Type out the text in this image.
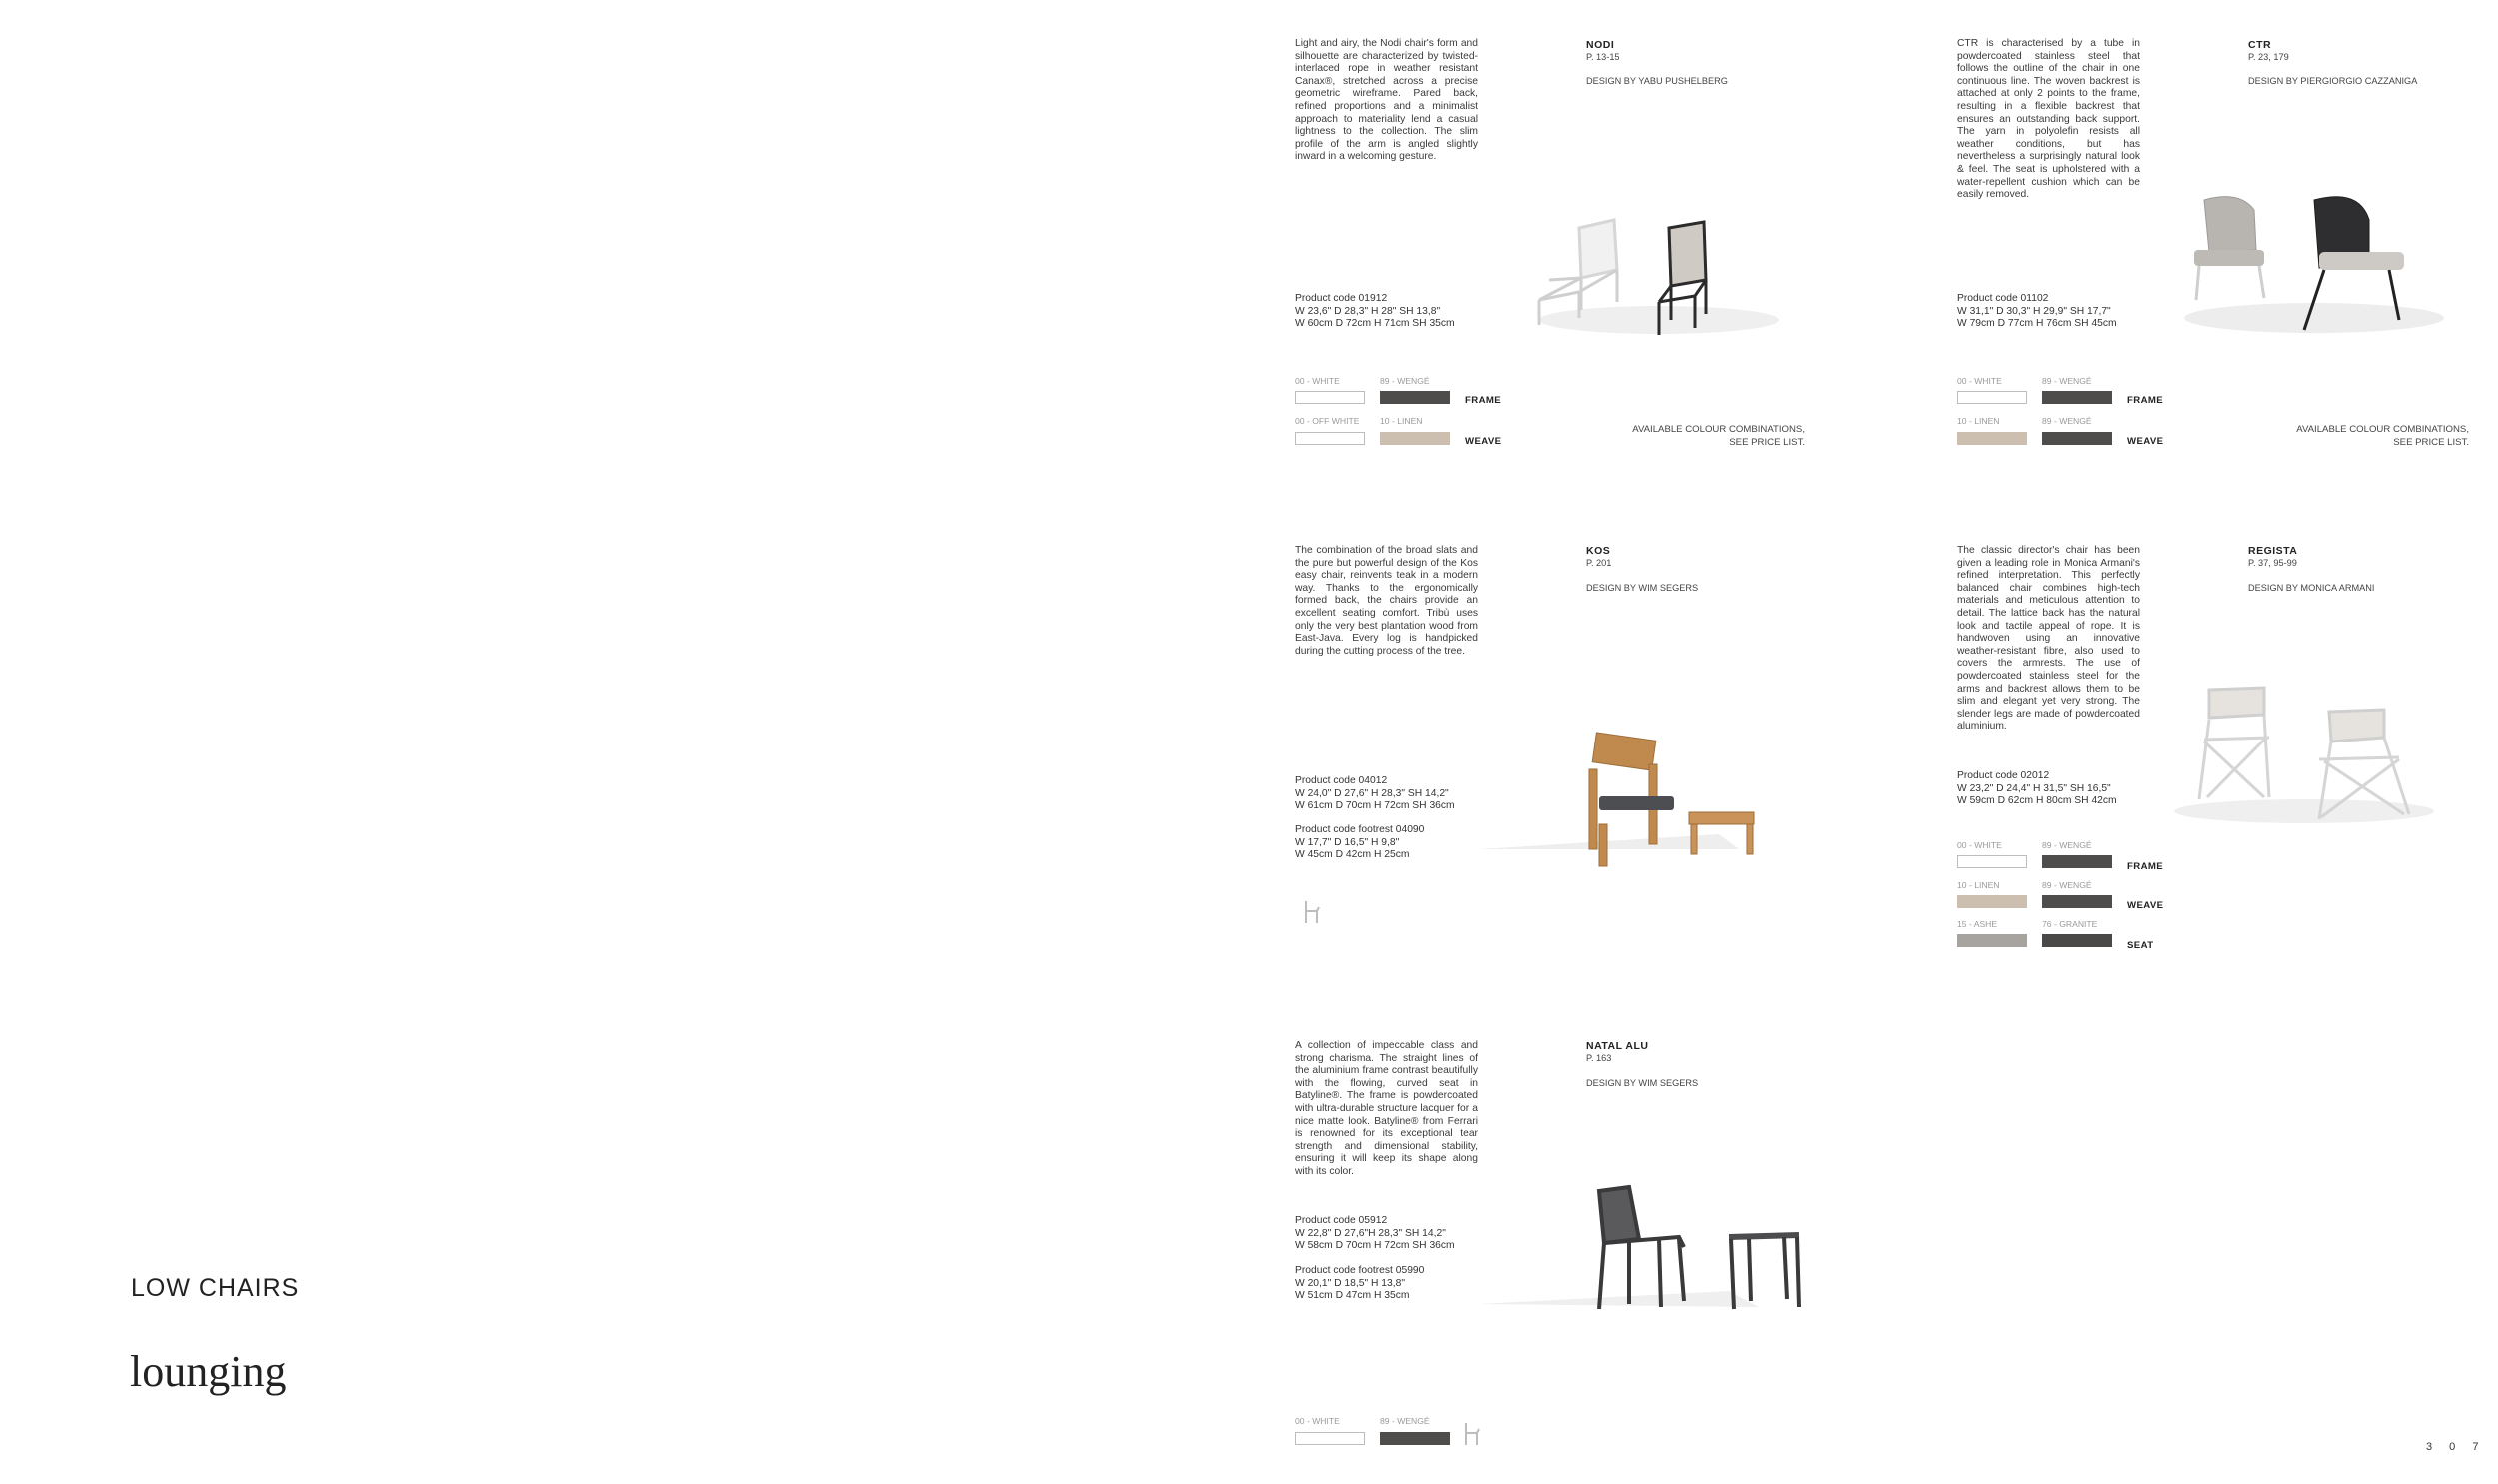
LOW CHAIRS
lounging
Light and airy, the Nodi chair's form and silhouette are characterized by twisted-interlaced rope in weather resistant Canax®, stretched across a precise geometric wireframe. Pared back, refined proportions and a minimalist approach to materiality lend a casual lightness to the collection. The slim profile of the arm is angled slightly inward in a welcoming gesture.
NODI
P. 13-15
DESIGN BY YABU PUSHELBERG
Product code 01912
W 23,6" D 28,3" H 28" SH 13,8"
W 60cm D 72cm H 71cm SH 35cm
00 - WHITE	89 - WENGÉ
FRAME
00 - OFF WHITE 10 - LINEN
WEAVE
AVAILABLE COLOUR COMBINATIONS,
SEE PRICE LIST.
CTR is characterised by a tube in powdercoated stainless steel that follows the outline of the chair in one continuous line. The woven backrest is attached at only 2 points to the frame, resulting in a flexible backrest that ensures an outstanding back support. The yarn in polyolefin resists all weather conditions, but has nevertheless a surprisingly natural look & feel. The seat is upholstered with a water-repellent cushion which can be easily removed.
CTR
P. 23, 179
DESIGN BY PIERGIORGIO CAZZANIGA
Product code 01102
W 31,1" D 30,3" H 29,9" SH 17,7"
W 79cm D 77cm H 76cm SH 45cm
00 - WHITE	89 - WENGÉ
FRAME
10 - LINEN	89 - WENGÉ
WEAVE
AVAILABLE COLOUR COMBINATIONS,
SEE PRICE LIST.
The combination of the broad slats and the pure but powerful design of the Kos easy chair, reinvents teak in a modern way. Thanks to the ergonomically formed back, the chairs provide an excellent seating comfort. Tribù uses only the very best plantation wood from East-Java. Every log is handpicked during the cutting process of the tree.
KOS
P. 201
DESIGN BY WIM SEGERS
Product code 04012
W 24,0" D 27,6" H 28,3" SH 14,2"
W 61cm D 70cm H 72cm SH 36cm
Product code footrest 04090
W 17,7" D 16,5" H 9,8"
W 45cm D 42cm H 25cm
The classic director's chair has been given a leading role in Monica Armani's refined interpretation. This perfectly balanced chair combines high-tech materials and meticulous attention to detail. The lattice back has the natural look and tactile appeal of rope. It is handwoven using an innovative weather-resistant fibre, also used to covers the armrests. The use of powdercoated stainless steel for the arms and backrest allows them to be slim and elegant yet very strong. The slender legs are made of powdercoated aluminium.
REGISTA
P. 37, 95-99
DESIGN BY MONICA ARMANI
Product code 02012
W 23,2" D 24,4" H 31,5" SH 16,5"
W 59cm D 62cm H 80cm SH 42cm
00 - WHITE	89 - WENGÉ
FRAME
10 - LINEN	89 - WENGÉ
WEAVE
15 - ASHE	76 - GRANITE
SEAT
A collection of impeccable class and strong charisma. The straight lines of the aluminium frame contrast beautifully with the flowing, curved seat in Batyline®. The frame is powdercoated with ultra-durable structure lacquer for a nice matte look. Batyline® from Ferrari is renowned for its exceptional tear strength and dimensional stability, ensuring it will keep its shape along with its color.
NATAL ALU
P. 163
DESIGN BY WIM SEGERS
Product code 05912
W 22,8" D 27,6"H 28,3" SH 14,2"
W 58cm D 70cm H 72cm SH 36cm
Product code footrest 05990
W 20,1" D 18,5" H 13,8"
W 51cm D 47cm H 35cm
00 - WHITE	89 - WENGÉ
3 0 7
